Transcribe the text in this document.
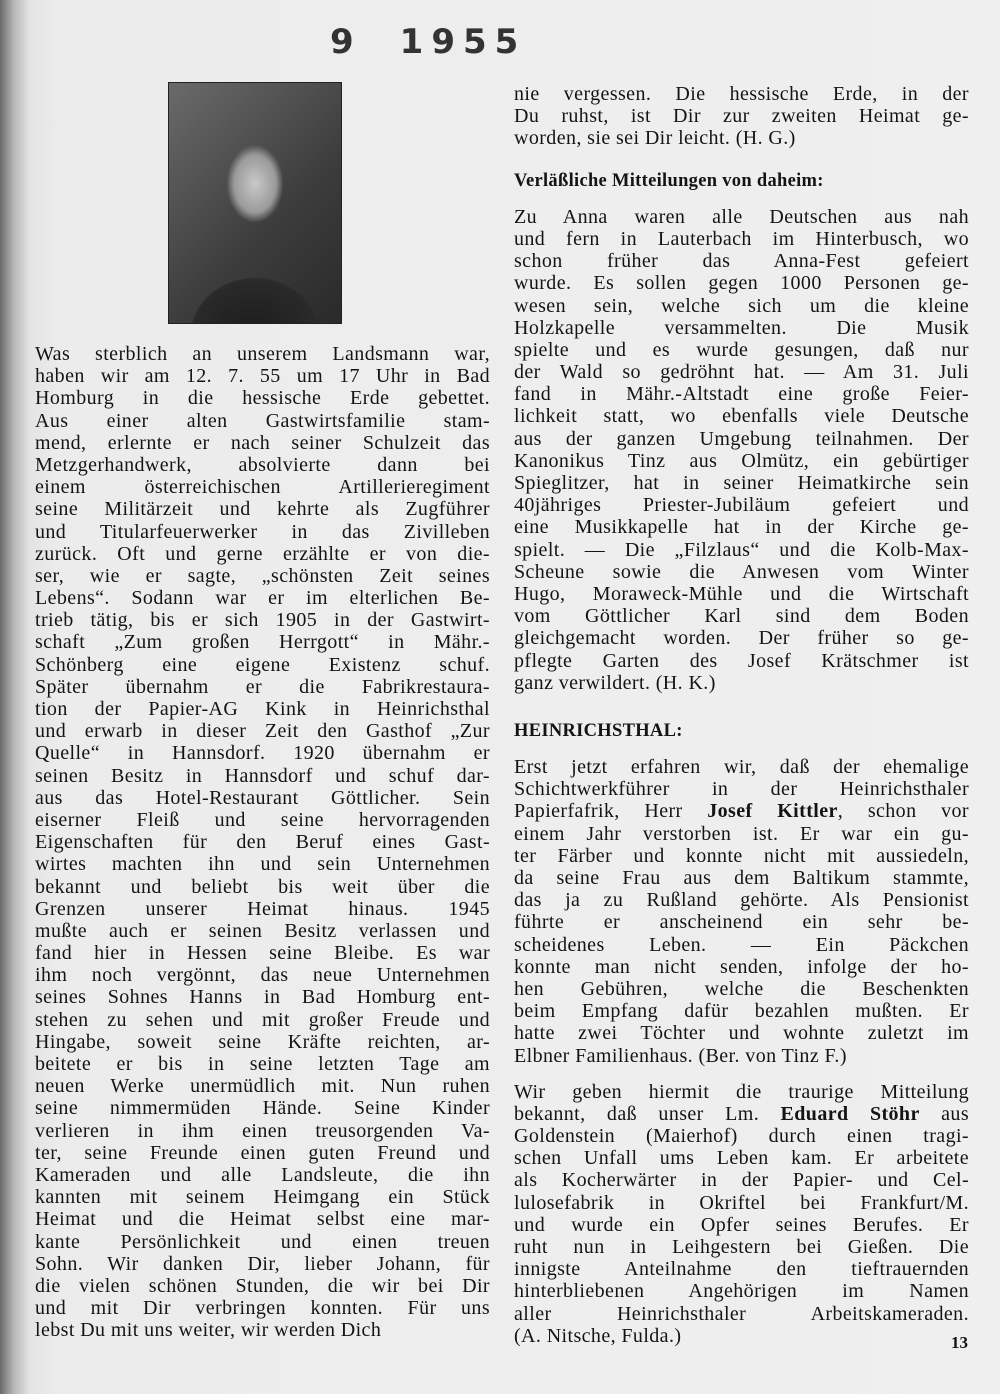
9 1955
Was sterblich an unserem Landsmann war,
haben wir am 12. 7. 55 um 17 Uhr in Bad
Homburg in die hessische Erde gebettet.
Aus einer alten Gastwirtsfamilie stam-
mend, erlernte er nach seiner Schulzeit das
Metzgerhandwerk, absolvierte dann bei
einem österreichischen Artillerieregiment
seine Militärzeit und kehrte als Zugführer
und Titularfeuerwerker in das Zivilleben
zurück. Oft und gerne erzählte er von die-
ser, wie er sagte, „schönsten Zeit seines
Lebens“. Sodann war er im elterlichen Be-
trieb tätig, bis er sich 1905 in der Gastwirt-
schaft „Zum großen Herrgott“ in Mähr.-
Schönberg eine eigene Existenz schuf.
Später übernahm er die Fabrikrestaura-
tion der Papier-AG Kink in Heinrichsthal
und erwarb in dieser Zeit den Gasthof „Zur
Quelle“ in Hannsdorf. 1920 übernahm er
seinen Besitz in Hannsdorf und schuf dar-
aus das Hotel-Restaurant Göttlicher. Sein
eiserner Fleiß und seine hervorragenden
Eigenschaften für den Beruf eines Gast-
wirtes machten ihn und sein Unternehmen
bekannt und beliebt bis weit über die
Grenzen unserer Heimat hinaus. 1945
mußte auch er seinen Besitz verlassen und
fand hier in Hessen seine Bleibe. Es war
ihm noch vergönnt, das neue Unternehmen
seines Sohnes Hanns in Bad Homburg ent-
stehen zu sehen und mit großer Freude und
Hingabe, soweit seine Kräfte reichten, ar-
beitete er bis in seine letzten Tage am
neuen Werke unermüdlich mit. Nun ruhen
seine nimmermüden Hände. Seine Kinder
verlieren in ihm einen treusorgenden Va-
ter, seine Freunde einen guten Freund und
Kameraden und alle Landsleute, die ihn
kannten mit seinem Heimgang ein Stück
Heimat und die Heimat selbst eine mar-
kante Persönlichkeit und einen treuen
Sohn. Wir danken Dir, lieber Johann, für
die vielen schönen Stunden, die wir bei Dir
und mit Dir verbringen konnten. Für uns
lebst Du mit uns weiter, wir werden Dich
nie vergessen. Die hessische Erde, in der
Du ruhst, ist Dir zur zweiten Heimat ge-
worden, sie sei Dir leicht. (H. G.)
Verläßliche Mitteilungen von daheim:
Zu Anna waren alle Deutschen aus nah
und fern in Lauterbach im Hinterbusch, wo
schon früher das Anna-Fest gefeiert
wurde. Es sollen gegen 1000 Personen ge-
wesen sein, welche sich um die kleine
Holzkapelle versammelten. Die Musik
spielte und es wurde gesungen, daß nur
der Wald so gedröhnt hat. — Am 31. Juli
fand in Mähr.-Altstadt eine große Feier-
lichkeit statt, wo ebenfalls viele Deutsche
aus der ganzen Umgebung teilnahmen. Der
Kanonikus Tinz aus Olmütz, ein gebürtiger
Spieglitzer, hat in seiner Heimatkirche sein
40jähriges Priester-Jubiläum gefeiert und
eine Musikkapelle hat in der Kirche ge-
spielt. — Die „Filzlaus“ und die Kolb-Max-
Scheune sowie die Anwesen vom Winter
Hugo, Moraweck-Mühle und die Wirtschaft
vom Göttlicher Karl sind dem Boden
gleichgemacht worden. Der früher so ge-
pflegte Garten des Josef Krätschmer ist
ganz verwildert. (H. K.)
HEINRICHSTHAL:
Erst jetzt erfahren wir, daß der ehemalige
Schichtwerkführer in der Heinrichsthaler
Papierfafrik, Herr Josef Kittler, schon vor
einem Jahr verstorben ist. Er war ein gu-
ter Färber und konnte nicht mit aussiedeln,
da seine Frau aus dem Baltikum stammte,
das ja zu Rußland gehörte. Als Pensionist
führte er anscheinend ein sehr be-
scheidenes Leben. — Ein Päckchen
konnte man nicht senden, infolge der ho-
hen Gebühren, welche die Beschenkten
beim Empfang dafür bezahlen mußten. Er
hatte zwei Töchter und wohnte zuletzt im
Elbner Familienhaus. (Ber. von Tinz F.)
Wir geben hiermit die traurige Mitteilung
bekannt, daß unser Lm. Eduard Stöhr aus
Goldenstein (Maierhof) durch einen tragi-
schen Unfall ums Leben kam. Er arbeitete
als Kocherwärter in der Papier- und Cel-
lulosefabrik in Okriftel bei Frankfurt/M.
und wurde ein Opfer seines Berufes. Er
ruht nun in Leihgestern bei Gießen. Die
innigste Anteilnahme den tieftrauernden
hinterbliebenen Angehörigen im Namen
aller Heinrichsthaler Arbeitskameraden.
(A. Nitsche, Fulda.)	13
